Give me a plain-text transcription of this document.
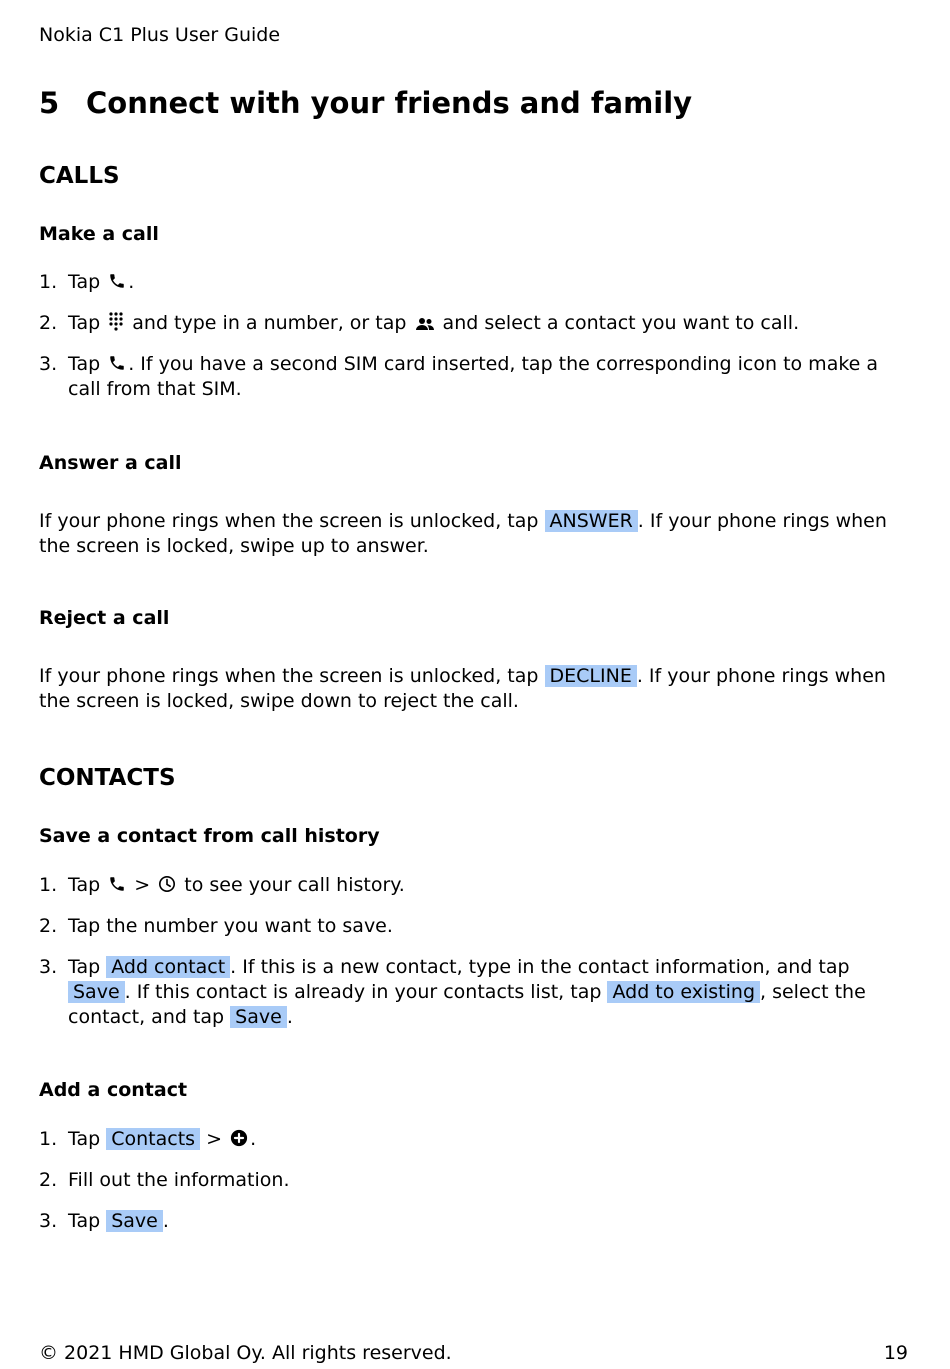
Nokia C1 Plus User Guide

5 Connect with your friends and family
CALLS
Make a call
1. Tap .
2. Tap and type in a number, or tap and select a contact you want to call.
3. Tap . If you have a second SIM card inserted, tap the corresponding icon to make a call from that SIM.
Answer a call

If your phone rings when the screen is unlocked, tap ANSWER . If your phone rings when the screen is locked, swipe up to answer.

Reject a call

If your phone rings when the screen is unlocked, tap DECLINE . If your phone rings when the screen is locked, swipe down to reject the call.

CONTACTS
Save a contact from call history
1. Tap > to see your call history.
2. Tap the number you want to save.
3. Tap Add contact . If this is a new contact, type in the contact information, and tap Save . If this contact is already in your contacts list, tap Add to existing , select the contact, and tap Save .
Add a contact
1. Tap Contacts > .
2. Fill out the information.
3. Tap Save .

© 2021 HMD Global Oy. All rights reserved.	19
